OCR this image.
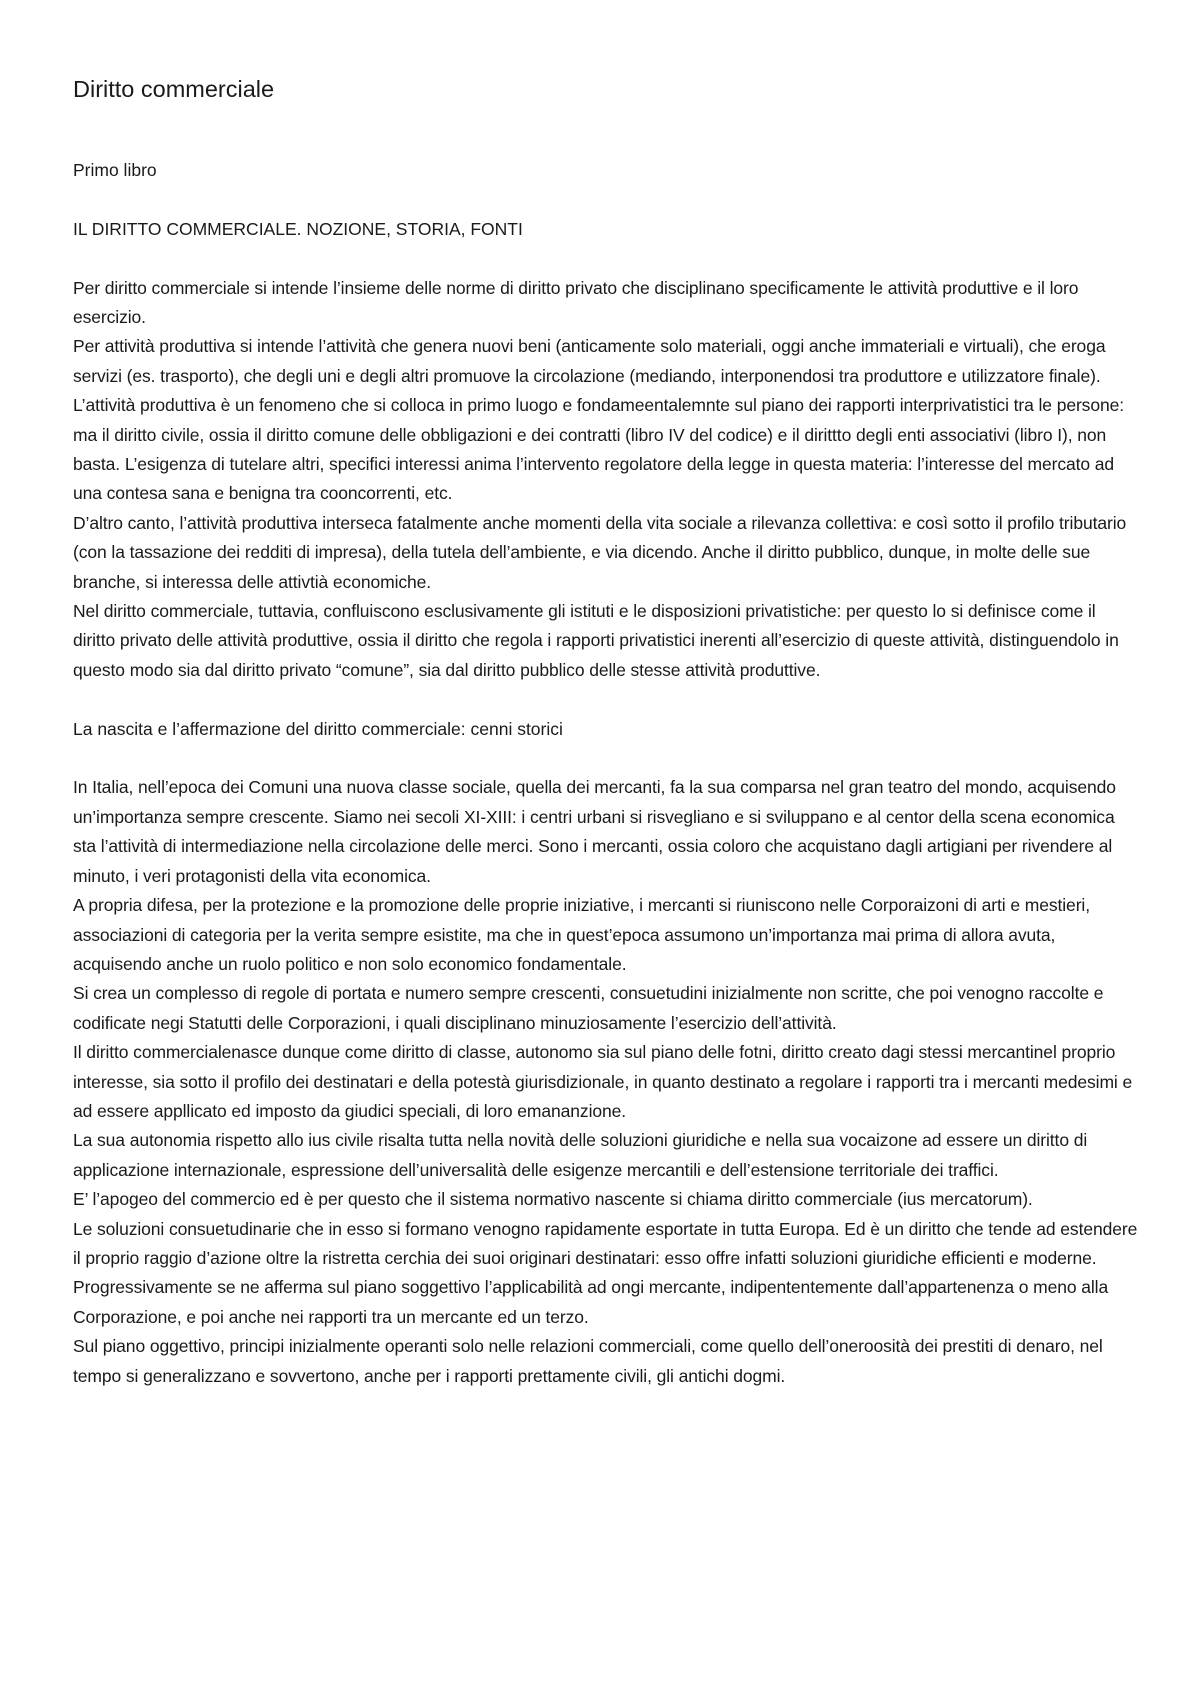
Diritto commerciale
Primo libro
IL DIRITTO COMMERCIALE. NOZIONE, STORIA, FONTI

Per diritto commerciale si intende l’insieme delle norme di diritto privato che disciplinano specificamente le attività produttive e il loro esercizio.

Per attività produttiva si intende l’attività che genera nuovi beni (anticamente solo materiali, oggi anche immateriali e virtuali), che eroga servizi (es. trasporto), che degli uni e degli altri promuove la circolazione (mediando, interponendosi tra produttore e utilizzatore finale).

L’attività produttiva è un fenomeno che si colloca in primo luogo e fondameentalemnte sul piano dei rapporti interprivatistici tra le persone: ma il diritto civile, ossia il diritto comune delle obbligazioni e dei contratti (libro IV del codice) e il dirittto degli enti associativi (libro I), non basta. L’esigenza di tutelare altri, specifici interessi anima l’intervento regolatore della legge in questa materia: l’interesse del mercato ad una contesa sana e benigna tra cooncorrenti, etc.

D’altro canto, l’attività produttiva interseca fatalmente anche momenti della vita sociale a rilevanza collettiva: e così sotto il profilo tributario (con la tassazione dei redditi di impresa), della tutela dell’ambiente, e via dicendo. Anche il diritto pubblico, dunque, in molte delle sue branche, si interessa delle attivtià economiche.

Nel diritto commerciale, tuttavia, confluiscono esclusivamente gli istituti e le disposizioni privatistiche: per questo lo si definisce come il diritto privato delle attività produttive, ossia il diritto che regola i rapporti privatistici inerenti all’esercizio di queste attività, distinguendolo in questo modo sia dal diritto privato “comune”, sia dal diritto pubblico delle stesse attività produttive.

La nascita e l’affermazione del diritto commerciale: cenni storici

In Italia, nell’epoca dei Comuni una nuova classe sociale, quella dei mercanti, fa la sua comparsa nel gran teatro del mondo, acquisendo un’importanza sempre crescente. Siamo nei secoli XI-XIII: i centri urbani si risvegliano e si sviluppano e al centor della scena economica sta l’attività di intermediazione nella circolazione delle merci. Sono i mercanti, ossia coloro che acquistano dagli artigiani per rivendere al minuto, i veri protagonisti della vita economica.

A propria difesa, per la protezione e la promozione delle proprie iniziative, i mercanti si riuniscono nelle Corporaizoni di arti e mestieri, associazioni di categoria per la verita sempre esistite, ma che in quest’epoca assumono un’importanza mai prima di allora avuta, acquisendo anche un ruolo politico e non solo economico fondamentale.

Si crea un complesso di regole di portata e numero sempre crescenti, consuetudini inizialmente non scritte, che poi venogno raccolte e codificate negi Statutti delle Corporazioni, i quali disciplinano minuziosamente l’esercizio dell’attività.

Il diritto commercialenasce dunque come diritto di classe, autonomo sia sul piano delle fotni, diritto creato dagi stessi mercantinel proprio interesse, sia sotto il profilo dei destinatari e della potestà giurisdizionale, in quanto destinato a regolare i rapporti tra i mercanti medesimi e ad essere appllicato ed imposto da giudici speciali, di loro emananzione.

La sua autonomia rispetto allo ius civile risalta tutta nella novità delle soluzioni giuridiche e nella sua vocaizone ad essere un diritto di applicazione internazionale, espressione dell’universalità delle esigenze mercantili e dell’estensione territoriale dei traffici.

E’ l’apogeo del commercio ed è per questo che il sistema normativo nascente si chiama diritto commerciale (ius mercatorum).

Le soluzioni consuetudinarie che in esso si formano venogno rapidamente esportate in tutta Europa. Ed è un diritto che tende ad estendere il proprio raggio d’azione oltre la ristretta cerchia dei suoi originari destinatari: esso offre infatti soluzioni giuridiche efficienti e moderne.

Progressivamente se ne afferma sul piano soggettivo l’applicabilità ad ongi mercante, indipententemente dall’appartenenza o meno alla Corporazione, e poi anche nei rapporti tra un mercante ed un terzo.

Sul piano oggettivo, principi inizialmente operanti solo nelle relazioni commerciali, come quello dell’oneroosità dei prestiti di denaro, nel tempo si generalizzano e sovvertono, anche per i rapporti prettamente civili, gli antichi dogmi.
